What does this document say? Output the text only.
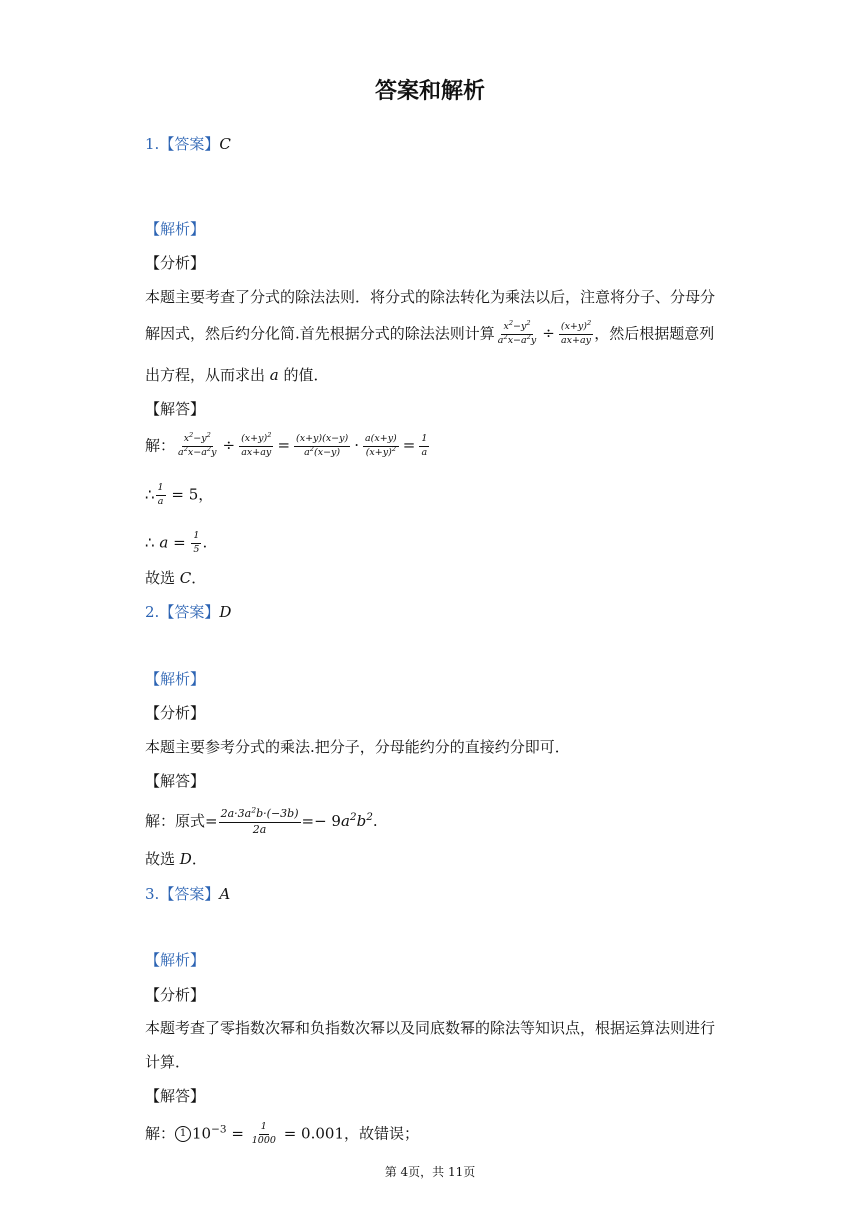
答案和解析
1.【答案】C
【解析】
【分析】
本题主要考查了分式的除法法则．将分式的除法转化为乘法以后，注意将分子、分母分
解因式，然后约分化简.首先根据分式的除法法则计算 $\frac{x^2-y^2}{a^2x-a^2y} \div \frac{(x+y)^2}{ax+ay}$ ，然后根据题意列
出方程，从而求出 a 的值．
【解答】
解： $\frac{x^2-y^2}{a^2x-a^2y} \div \frac{(x+y)^2}{ax+ay} = \frac{(x+y)(x-y)}{a^2(x-y)} \cdot \frac{a(x+y)}{(x+y)^2} = \frac{1}{a}$
∴ $\frac{1}{a} = 5$，
∴ $a = \frac{1}{5}$ .
故选 C．
2.【答案】D
【解析】
【分析】
本题主要参考分式的乘法.把分子，分母能约分的直接约分即可．
【解答】
解：原式= $\frac{2a\cdot 3a^2b\cdot(-3b)}{2a} =- 9a^2b^2$.
故选 D．
3.【答案】A
【解析】
【分析】
本题考查了零指数次幂和负指数次幂以及同底数幂的除法等知识点，根据运算法则进行
计算．
【解答】
解： 1 $10^{-3} = \frac{1}{1000} = 0.001$，故错误；
第 4页，共 11页
